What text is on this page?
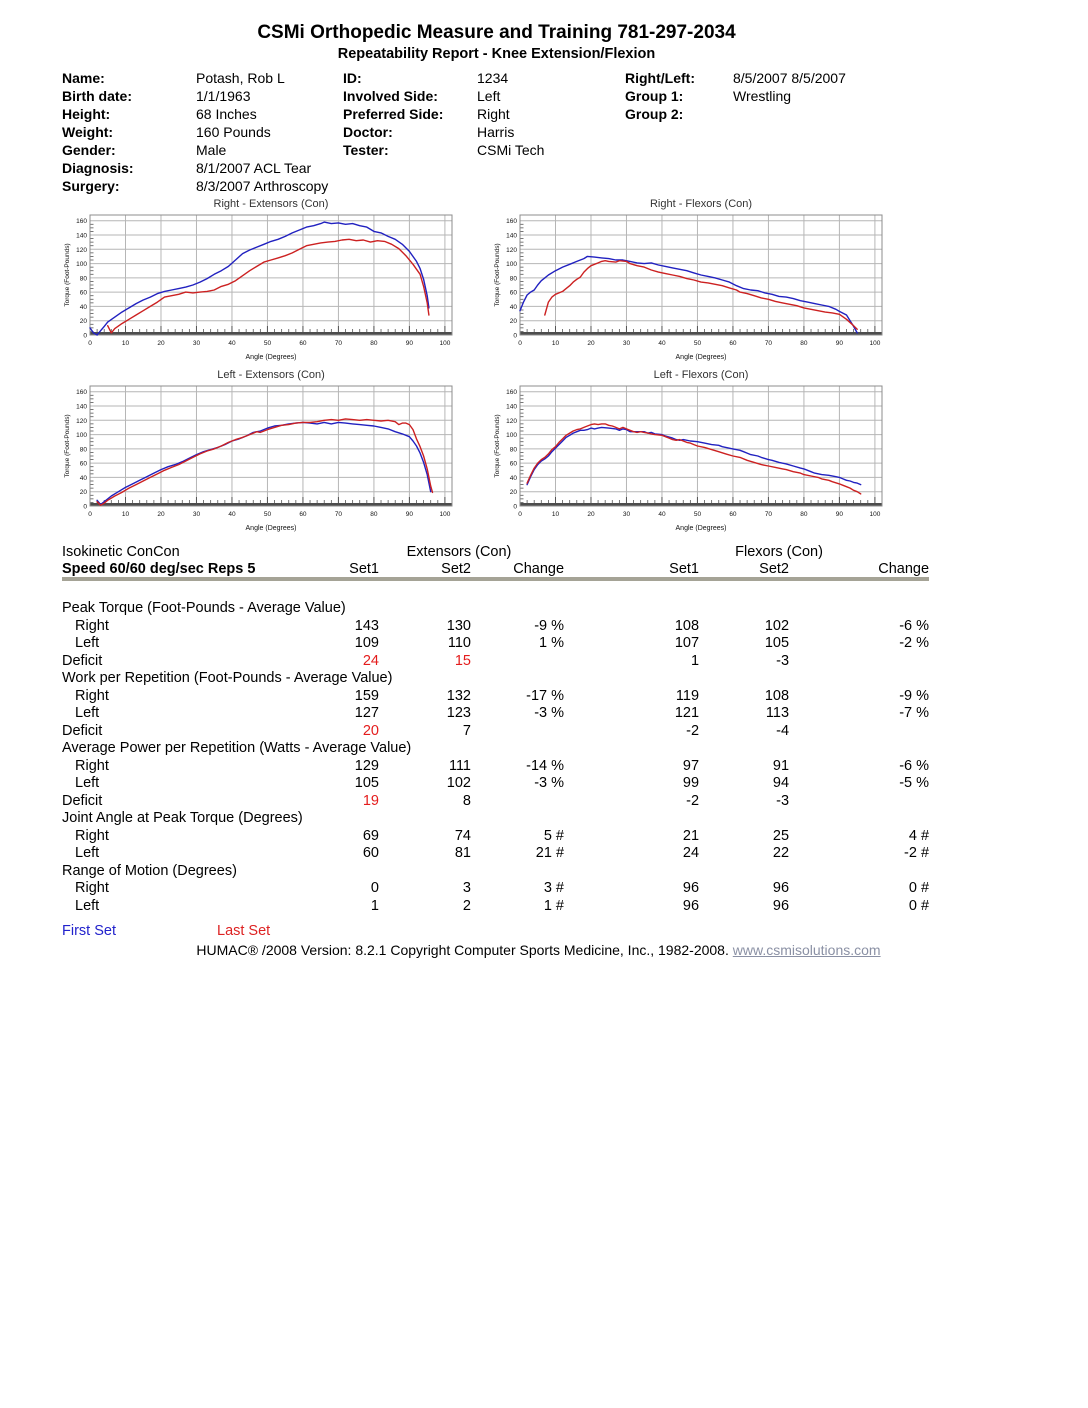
CSMi Orthopedic Measure and Training 781-297-2034
Repeatability Report - Knee Extension/Flexion
Name:	Potash, Rob L
Birth date:	1/1/1963
Height:	68 Inches
Weight:	160 Pounds
Gender:	Male
Diagnosis:	8/1/2007 ACL Tear
Surgery:	8/3/2007 Arthroscopy
ID:	1234
Involved Side:	Left
Preferred Side:	Right
Doctor:	Harris
Tester:	CSMi Tech
Right/Left:	8/5/2007 8/5/2007
Group 1:	Wrestling
Group 2:
Right - Extensors (Con)
0	10	20	30	40	50	60	70	80	90	100
0
20
40
60
80
100
120
140
160
Angle (Degrees)
Torque (Foot-Pounds)
Right - Flexors (Con)
0	10	20	30	40	50	60	70	80	90	100
0
20
40
60
80
100
120
140
160
Angle (Degrees)
Torque (Foot-Pounds)
Left - Extensors (Con)
0	10	20	30	40	50	60	70	80	90	100
0
20
40
60
80
100
120
140
160
Angle (Degrees)
Torque (Foot-Pounds)
Left - Flexors (Con)
0	10	20	30	40	50	60	70	80	90	100
0
20
40
60
80
100
120
140
160
Angle (Degrees)
Torque (Foot-Pounds)
Isokinetic ConCon	Extensors (Con)			Flexors (Con)		
Speed 60/60 deg/sec Reps 5	Set1	Set2	Change	Set1	Set2	Change

Peak Torque (Foot-Pounds - Average Value)						
Right	143	130	-9 %	108	102	-6 %
Left	109	110	1 %	107	105	-2 %
Deficit	24	15		1	-3	
Work per Repetition (Foot-Pounds - Average Value)						
Right	159	132	-17 %	119	108	-9 %
Left	127	123	-3 %	121	113	-7 %
Deficit	20	7		-2	-4	
Average Power per Repetition (Watts - Average Value)						
Right	129	111	-14 %	97	91	-6 %
Left	105	102	-3 %	99	94	-5 %
Deficit	19	8		-2	-3	
Joint Angle at Peak Torque (Degrees)						
Right	69	74	5 #	21	25	4 #
Left	60	81	21 #	24	22	-2 #
Range of Motion (Degrees)						
Right	0	3	3 #	96	96	0 #
Left	1	2	1 #	96	96	0 #
First Set	Last Set
HUMAC® /2008 Version: 8.2.1 Copyright Computer Sports Medicine, Inc., 1982-2008. www.csmisolutions.com
